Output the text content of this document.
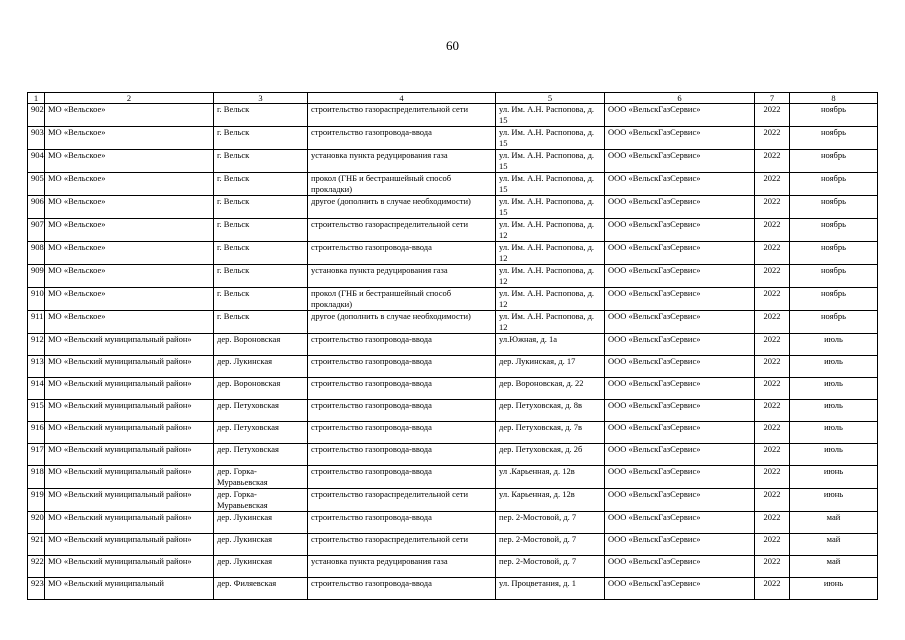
60
1	2	3	4	5	6	7	8
902	МО «Вельское»	г. Вельск	строительство газораспределительной сети	ул. Им. А.Н. Распопова, д. 15	ООО «ВельскГазСервис»	2022	ноябрь
903	МО «Вельское»	г. Вельск	строительство газопровода-ввода	ул. Им. А.Н. Распопова, д. 15	ООО «ВельскГазСервис»	2022	ноябрь
904	МО «Вельское»	г. Вельск	установка пункта редуцирования газа	ул. Им. А.Н. Распопова, д. 15	ООО «ВельскГазСервис»	2022	ноябрь
905	МО «Вельское»	г. Вельск	прокол (ГНБ и бестраншейный способ прокладки)	ул. Им. А.Н. Распопова, д. 15	ООО «ВельскГазСервис»	2022	ноябрь
906	МО «Вельское»	г. Вельск	другое (дополнить в случае необходимости)	ул. Им. А.Н. Распопова, д. 15	ООО «ВельскГазСервис»	2022	ноябрь
907	МО «Вельское»	г. Вельск	строительство газораспределительной сети	ул. Им. А.Н. Распопова, д. 12	ООО «ВельскГазСервис»	2022	ноябрь
908	МО «Вельское»	г. Вельск	строительство газопровода-ввода	ул. Им. А.Н. Распопова, д. 12	ООО «ВельскГазСервис»	2022	ноябрь
909	МО «Вельское»	г. Вельск	установка пункта редуцирования газа	ул. Им. А.Н. Распопова, д. 12	ООО «ВельскГазСервис»	2022	ноябрь
910	МО «Вельское»	г. Вельск	прокол (ГНБ и бестраншейный способ прокладки)	ул. Им. А.Н. Распопова, д. 12	ООО «ВельскГазСервис»	2022	ноябрь
911	МО «Вельское»	г. Вельск	другое (дополнить в случае необходимости)	ул. Им. А.Н. Распопова, д. 12	ООО «ВельскГазСервис»	2022	ноябрь
912	МО «Вельский муниципальный район»	дер. Вороновская	строительство газопровода-ввода	ул.Южная, д. 1а	ООО «ВельскГазСервис»	2022	июль
913	МО «Вельский муниципальный район»	дер. Лукинская	строительство газопровода-ввода	дер. Лукинская, д. 17	ООО «ВельскГазСервис»	2022	июль
914	МО «Вельский муниципальный район»	дер. Вороновская	строительство газопровода-ввода	дер. Вороновская, д. 22	ООО «ВельскГазСервис»	2022	июль
915	МО «Вельский муниципальный район»	дер. Петуховская	строительство газопровода-ввода	дер. Петуховская, д. 8в	ООО «ВельскГазСервис»	2022	июль
916	МО «Вельский муниципальный район»	дер. Петуховская	строительство газопровода-ввода	дер. Петуховская, д. 7в	ООО «ВельскГазСервис»	2022	июль
917	МО «Вельский муниципальный район»	дер. Петуховская	строительство газопровода-ввода	дер. Петуховская, д. 2б	ООО «ВельскГазСервис»	2022	июль
918	МО «Вельский муниципальный район»	дер. Горка-Муравьевская	строительство газопровода-ввода	ул .Карьенная, д. 12в	ООО «ВельскГазСервис»	2022	июнь
919	МО «Вельский муниципальный район»	дер. Горка-Муравьевская	строительство газораспределительной сети	ул. Карьенная, д. 12в	ООО «ВельскГазСервис»	2022	июнь
920	МО «Вельский муниципальный район»	дер. Лукинская	строительство газопровода-ввода	пер. 2-Мостовой, д. 7	ООО «ВельскГазСервис»	2022	май
921	МО «Вельский муниципальный район»	дер. Лукинская	строительство газораспределительной сети	пер. 2-Мостовой, д. 7	ООО «ВельскГазСервис»	2022	май
922	МО «Вельский муниципальный район»	дер. Лукинская	установка пункта редуцирования газа	пер. 2-Мостовой, д. 7	ООО «ВельскГазСервис»	2022	май
923	МО «Вельский муниципальный	дер. Филяевская	строительство газопровода-ввода	ул. Процветания, д. 1	ООО «ВельскГазСервис»	2022	июнь
